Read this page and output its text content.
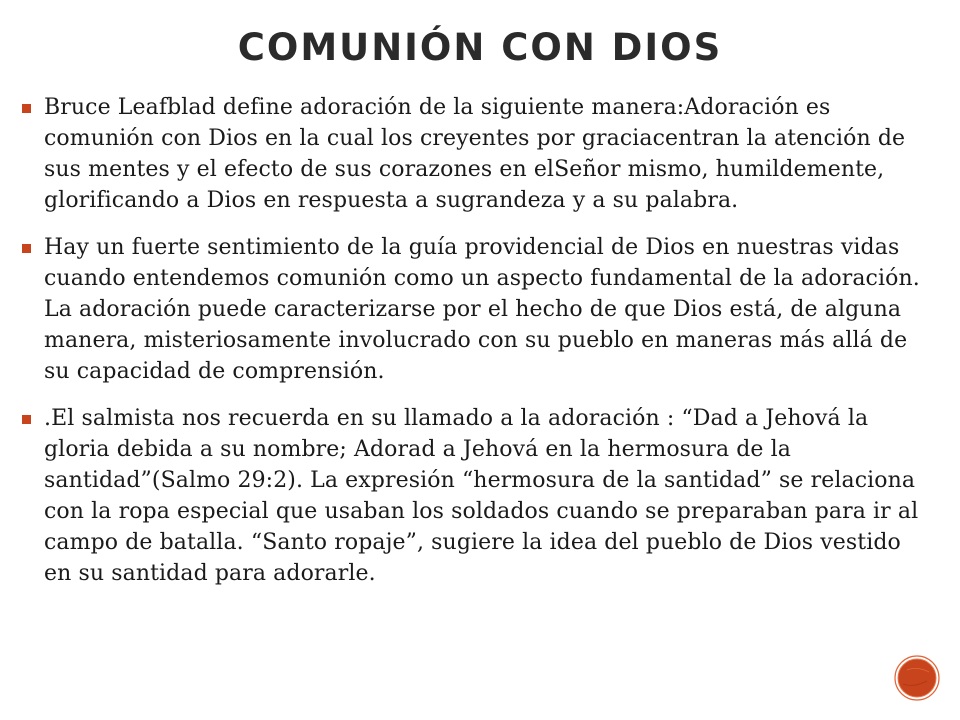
COMUNIÓN CON DIOS
Bruce Leafblad define adoración de la siguiente manera:Adoración es comunión con Dios en la cual los creyentes por graciacentran la atención de sus mentes y el efecto de sus corazones en elSeñor mismo, humildemente, glorificando a Dios en respuesta a sugrandeza y a su palabra.
Hay un fuerte sentimiento de la guía providencial de Dios en nuestras vidas cuando entendemos comunión como un aspecto fundamental de la adoración. La adoración puede caracterizarse por el hecho de que Dios está, de alguna manera, misteriosamente involucrado con su pueblo en maneras más allá de su capacidad de comprensión.
.El salmista nos recuerda en su llamado a la adoración : “Dad a Jehová la gloria debida a su nombre; Adorad a Jehová en la hermosura de la santidad”(Salmo 29:2). La expresión “hermosura de la santidad” se relaciona con la ropa especial que usaban los soldados cuando se preparaban para ir al campo de batalla. “Santo ropaje”, sugiere la idea del pueblo de Dios vestido en su santidad para adorarle.
